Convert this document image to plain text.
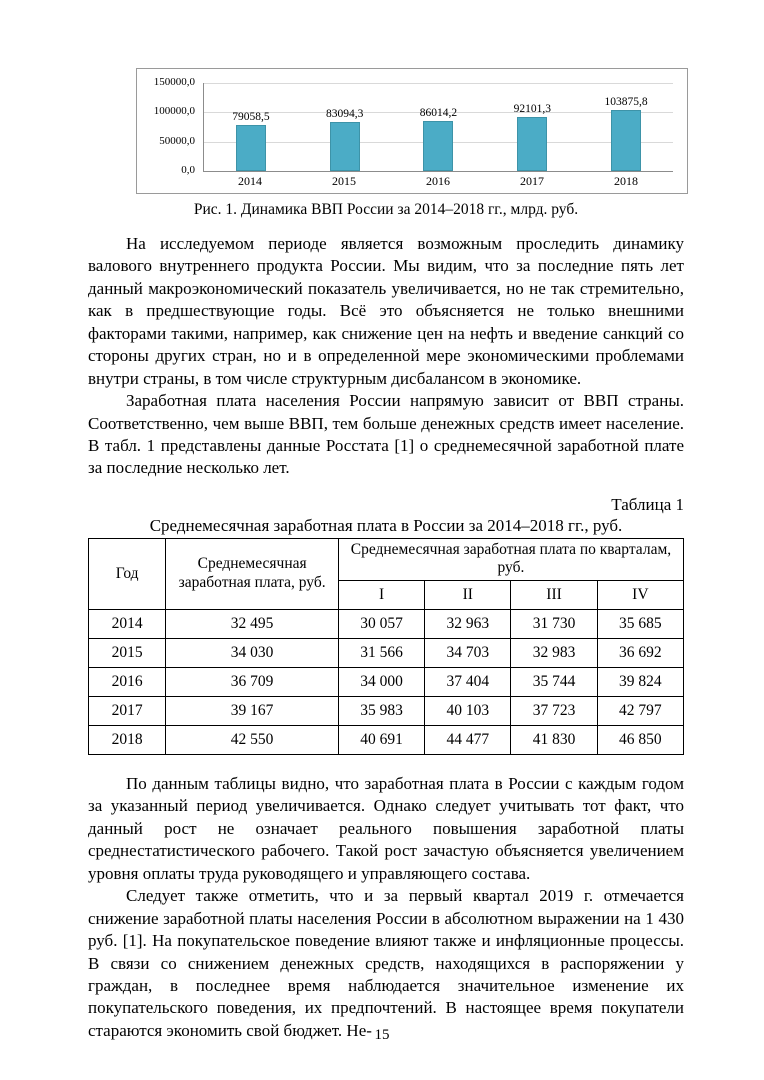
150000,0
100000,0
50000,0
0,0
79058,5	83094,3	86014,2	92101,3
103875,8
2014	2015	2016	2017	2018
Рис. 1. Динамика ВВП России за 2014–2018 гг., млрд. руб.

На исследуемом периоде является возможным проследить динамику валового внутреннего продукта России. Мы видим, что за последние пять лет данный макроэкономический показатель увеличивается, но не так стремительно, как в предшествующие годы. Всё это объясняется не только внешними факторами такими, например, как снижение цен на нефть и введение санкций со стороны других стран, но и в определенной мере экономическими проблемами внутри страны, в том числе структурным дисбалансом в экономике.

Заработная плата населения России напрямую зависит от ВВП страны. Соответственно, чем выше ВВП, тем больше денежных средств имеет население. В табл. 1 представлены данные Росстата [1] о среднемесячной заработной плате за последние несколько лет.

Таблица 1
Среднемесячная заработная плата в России за 2014–2018 гг., руб.
Год	Среднемесячная заработная плата, руб.	Среднемесячная заработная плата по кварталам, руб.			
		I	II	III	IV
2014	32 495	30 057	32 963	31 730	35 685
2015	34 030	31 566	34 703	32 983	36 692
2016	36 709	34 000	37 404	35 744	39 824
2017	39 167	35 983	40 103	37 723	42 797
2018	42 550	40 691	44 477	41 830	46 850

По данным таблицы видно, что заработная плата в России с каждым годом за указанный период увеличивается. Однако следует учитывать тот факт, что данный рост не означает реального повышения заработной платы среднестатистического рабочего. Такой рост зачастую объясняется увеличением уровня оплаты труда руководящего и управляющего состава.

Следует также отметить, что и за первый квартал 2019 г. отмечается снижение заработной платы населения России в абсолютном выражении на 1 430 руб. [1]. На покупательское поведение влияют также и инфляционные процессы. В связи со снижением денежных средств, находящихся в распоряжении у граждан, в последнее время наблюдается значительное изменение их покупательского поведения, их предпочтений. В настоящее время покупатели стараются экономить свой бюджет. Не- 15
